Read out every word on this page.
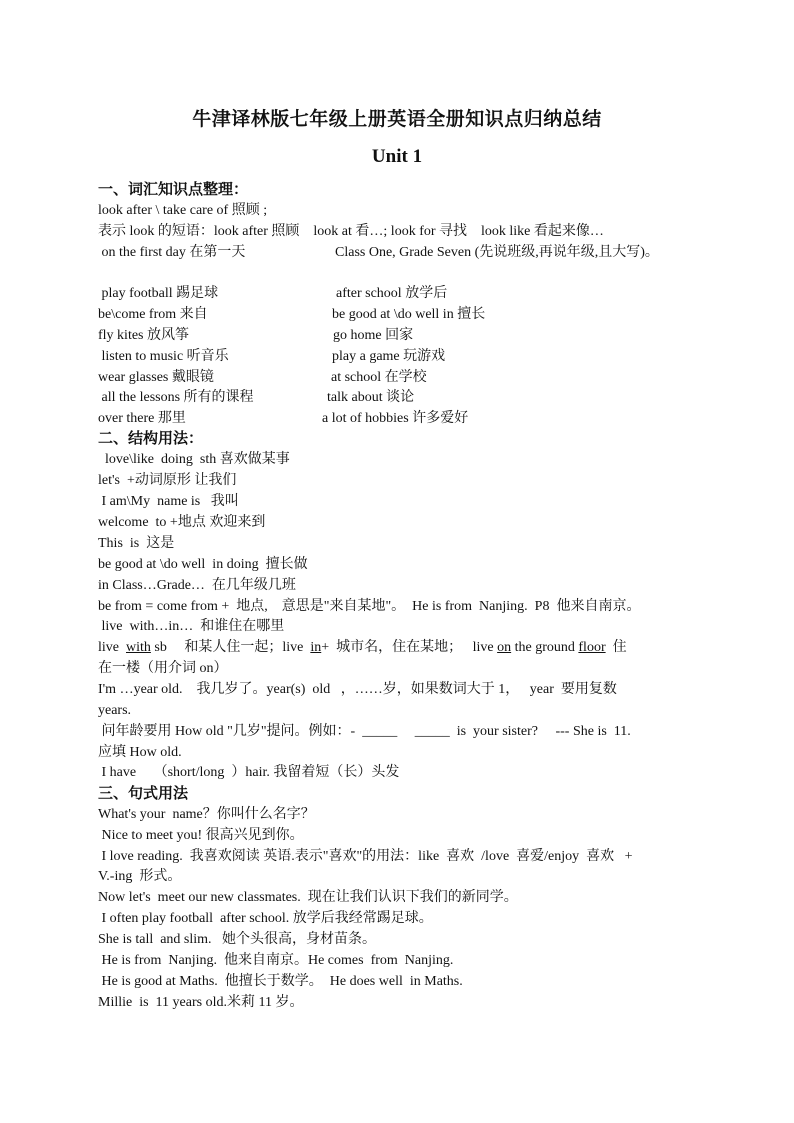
牛津译林版七年级上册英语全册知识点归纳总结
Unit 1
一、词汇知识点整理：
look after \ take care of 照顾 ;
表示 look 的短语：look after 照顾    look at 看…; look for 寻找    look like 看起来像…
on the first day 在第一天	Class One, Grade Seven (先说班级,再说年级,且大写)。
play football 踢足球	after school 放学后
be\come from 来自	be good at \do well in 擅长
fly kites 放风筝	go home 回家
listen to music 听音乐	play a game 玩游戏
wear glasses 戴眼镜	at school 在学校
all the lessons 所有的课程	talk about 谈论
over there 那里	a lot of hobbies 许多爱好
二、结构用法：
love\like  doing  sth 喜欢做某事
let's  +动词原形 让我们
I am\My  name is   我叫
welcome  to +地点 欢迎来到
This  is  这是
be good at \do well  in doing  擅长做
in Class…Grade…  在几年级几班
be from = come from +  地点,    意思是"来自某地"。  He is from  Nanjing.  P8  他来自南京。
live  with…in…  和谁住在哪里
live  with sb     和某人住一起；live  in+  城市名，住在某地；   live on the ground floor  住
在一楼（用介词 on）
I'm …year old.    我几岁了。year(s)  old   ，……岁，如果数词大于 1，   year  要用复数
years.
问年龄要用 How old "几岁"提问。例如：-  _____     _____  is  your sister?     --- She is  11.
应填 How old.
I have     （short/long  ）hair. 我留着短（长）头发
三、句式用法
What's your  name？你叫什么名字？
Nice to meet you! 很高兴见到你。
I love reading.  我喜欢阅读 英语.表示"喜欢"的用法：like  喜欢  /love  喜爱/enjoy  喜欢   +
V.-ing  形式。
Now let's  meet our new classmates.  现在让我们认识下我们的新同学。
I often play football  after school. 放学后我经常踢足球。
She is tall  and slim.   她个头很高，身材苗条。
He is from  Nanjing.  他来自南京。He comes  from  Nanjing.
He is good at Maths.  他擅长于数学。  He does well  in Maths.
Millie  is  11 years old.米莉 11 岁。
